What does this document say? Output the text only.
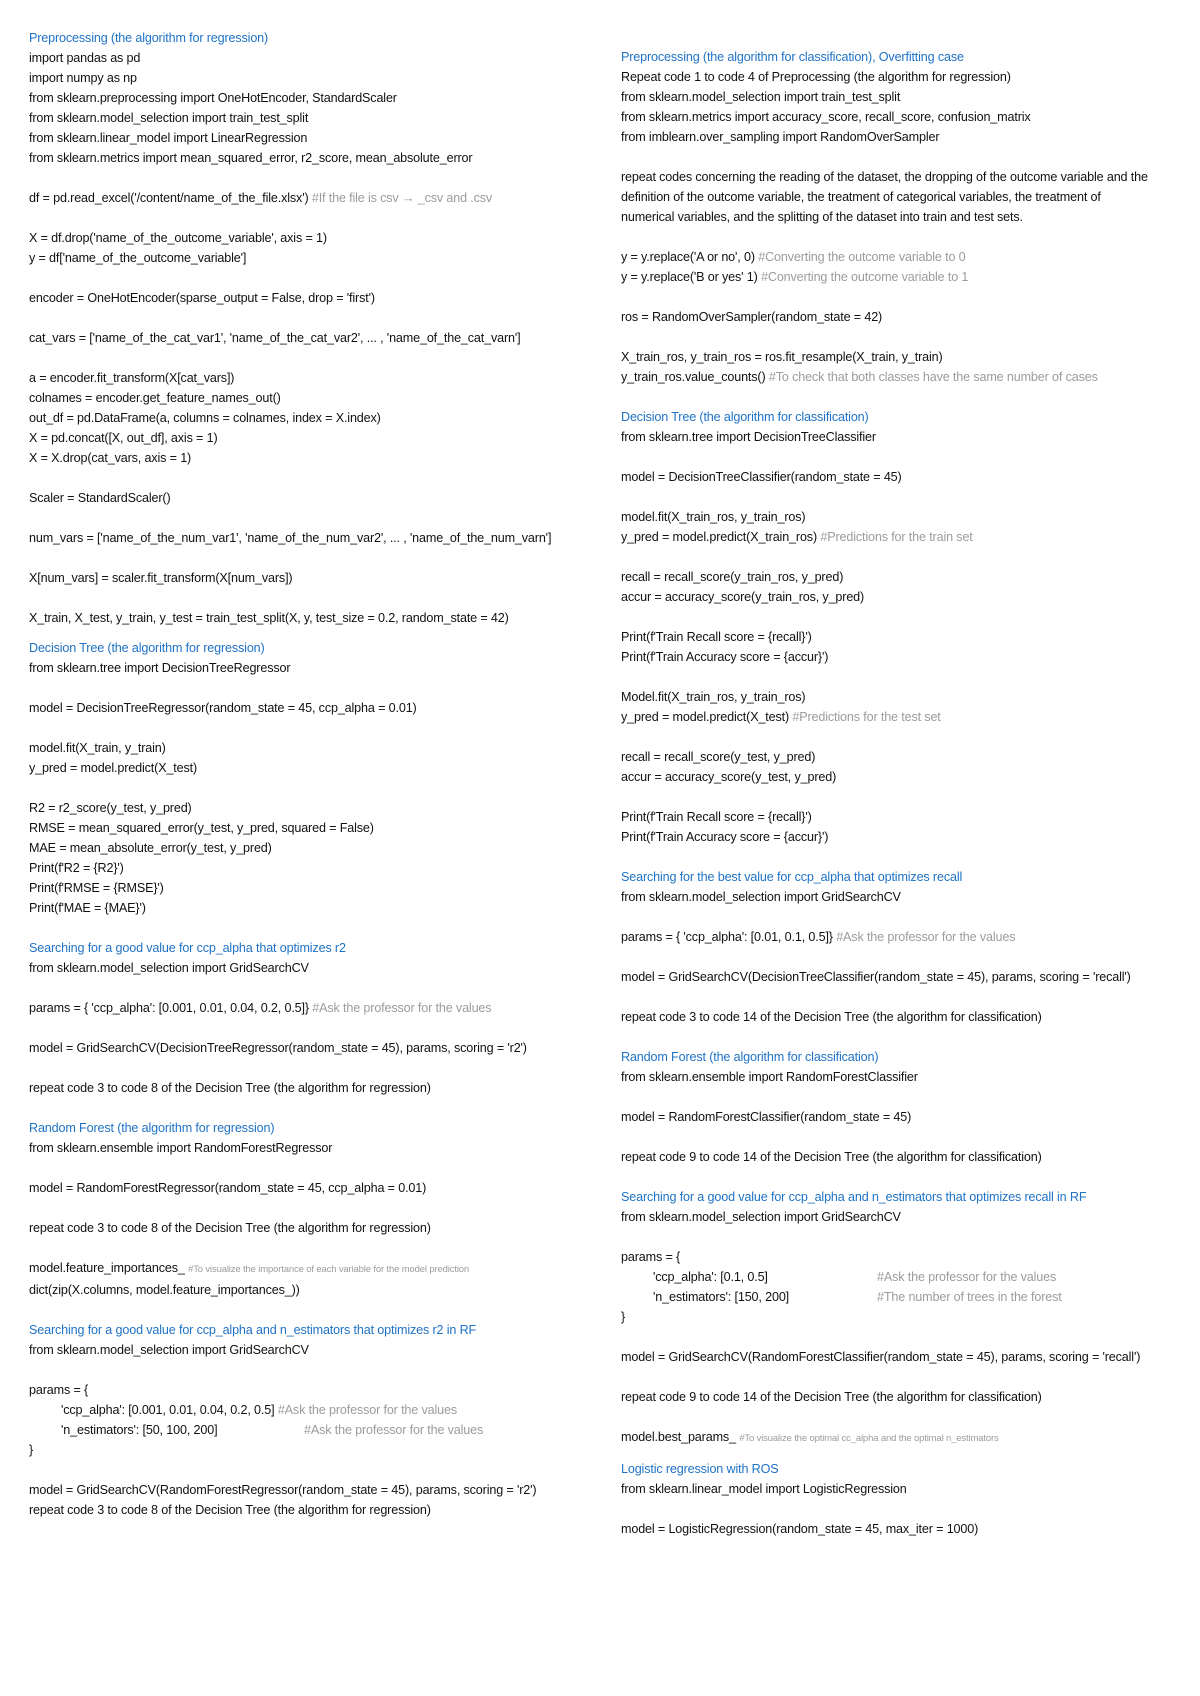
Preprocessing (the algorithm for regression)
import pandas as pd
import numpy as np
from sklearn.preprocessing import OneHotEncoder, StandardScaler
from sklearn.model_selection import train_test_split
from sklearn.linear_model import LinearRegression
from sklearn.metrics import mean_squared_error, r2_score, mean_absolute_error
df = pd.read_excel('/content/name_of_the_file.xlsx') #If the file is csv → _csv and .csv
X = df.drop('name_of_the_outcome_variable', axis = 1)
y = df['name_of_the_outcome_variable']
encoder = OneHotEncoder(sparse_output = False, drop = 'first')
cat_vars = ['name_of_the_cat_var1', 'name_of_the_cat_var2', ... , 'name_of_the_cat_varn']
a = encoder.fit_transform(X[cat_vars])
colnames = encoder.get_feature_names_out()
out_df = pd.DataFrame(a, columns = colnames, index = X.index)
X = pd.concat([X, out_df], axis = 1)
X = X.drop(cat_vars, axis = 1)
Scaler = StandardScaler()
num_vars = ['name_of_the_num_var1', 'name_of_the_num_var2', ... , 'name_of_the_num_varn']
X[num_vars] = scaler.fit_transform(X[num_vars])
X_train, X_test, y_train, y_test = train_test_split(X, y, test_size = 0.2, random_state = 42)
Decision Tree (the algorithm for regression)
from sklearn.tree import DecisionTreeRegressor
model = DecisionTreeRegressor(random_state = 45, ccp_alpha = 0.01)
model.fit(X_train, y_train)
y_pred = model.predict(X_test)
R2 = r2_score(y_test, y_pred)
RMSE = mean_squared_error(y_test, y_pred, squared = False)
MAE = mean_absolute_error(y_test, y_pred)
Print(f'R2 = {R2}')
Print(f'RMSE = {RMSE}')
Print(f'MAE = {MAE}')
Searching for a good value for ccp_alpha that optimizes r2
from sklearn.model_selection import GridSearchCV
params = { 'ccp_alpha': [0.001, 0.01, 0.04, 0.2, 0.5]} #Ask the professor for the values
model = GridSearchCV(DecisionTreeRegressor(random_state = 45), params, scoring = 'r2')
repeat code 3 to code 8 of the Decision Tree (the algorithm for regression)
Random Forest (the algorithm for regression)
from sklearn.ensemble import RandomForestRegressor
model = RandomForestRegressor(random_state = 45, ccp_alpha = 0.01)
repeat code 3 to code 8 of the Decision Tree (the algorithm for regression)
model.feature_importances_ #To visualize the importance of each variable for the model prediction
dict(zip(X.columns, model.feature_importances_))
Searching for a good value for ccp_alpha and n_estimators that optimizes r2 in RF
from sklearn.model_selection import GridSearchCV
params = {
'ccp_alpha': [0.001, 0.01, 0.04, 0.2, 0.5] #Ask the professor for the values
'n_estimators': [50, 100, 200]	#Ask the professor for the values
}
model = GridSearchCV(RandomForestRegressor(random_state = 45), params, scoring = 'r2')
repeat code 3 to code 8 of the Decision Tree (the algorithm for regression)
Preprocessing (the algorithm for classification), Overfitting case
Repeat code 1 to code 4 of Preprocessing (the algorithm for regression)
from sklearn.model_selection import train_test_split
from sklearn.metrics import accuracy_score, recall_score, confusion_matrix
from imblearn.over_sampling import RandomOverSampler
repeat codes concerning the reading of the dataset, the dropping of the outcome variable and the definition of the outcome variable, the treatment of categorical variables, the treatment of numerical variables, and the splitting of the dataset into train and test sets.
y = y.replace('A or no', 0) #Converting the outcome variable to 0
y = y.replace('B or yes' 1) #Converting the outcome variable to 1
ros = RandomOverSampler(random_state = 42)
X_train_ros, y_train_ros = ros.fit_resample(X_train, y_train)
y_train_ros.value_counts() #To check that both classes have the same number of cases
Decision Tree (the algorithm for classification)
from sklearn.tree import DecisionTreeClassifier
model = DecisionTreeClassifier(random_state = 45)
model.fit(X_train_ros, y_train_ros)
y_pred = model.predict(X_train_ros) #Predictions for the train set
recall = recall_score(y_train_ros, y_pred)
accur = accuracy_score(y_train_ros, y_pred)
Print(f'Train Recall score = {recall}')
Print(f'Train Accuracy score = {accur}')
Model.fit(X_train_ros, y_train_ros)
y_pred = model.predict(X_test) #Predictions for the test set
recall = recall_score(y_test, y_pred)
accur = accuracy_score(y_test, y_pred)
Print(f'Train Recall score = {recall}')
Print(f'Train Accuracy score = {accur}')
Searching for the best value for ccp_alpha that optimizes recall
from sklearn.model_selection import GridSearchCV
params = { 'ccp_alpha': [0.01, 0.1, 0.5]} #Ask the professor for the values
model = GridSearchCV(DecisionTreeClassifier(random_state = 45), params, scoring = 'recall')
repeat code 3 to code 14 of the Decision Tree (the algorithm for classification)
Random Forest (the algorithm for classification)
from sklearn.ensemble import RandomForestClassifier
model = RandomForestClassifier(random_state = 45)
repeat code 9 to code 14 of the Decision Tree (the algorithm for classification)
Searching for a good value for ccp_alpha and n_estimators that optimizes recall in RF
from sklearn.model_selection import GridSearchCV
params = {
'ccp_alpha': [0.1, 0.5]	#Ask the professor for the values
'n_estimators': [150, 200]	#The number of trees in the forest
}
model = GridSearchCV(RandomForestClassifier(random_state = 45), params, scoring = 'recall')
repeat code 9 to code 14 of the Decision Tree (the algorithm for classification)
model.best_params_ #To visualize the optimal cc_alpha and the optimal n_estimators
Logistic regression with ROS
from sklearn.linear_model import LogisticRegression
model = LogisticRegression(random_state = 45, max_iter = 1000)
